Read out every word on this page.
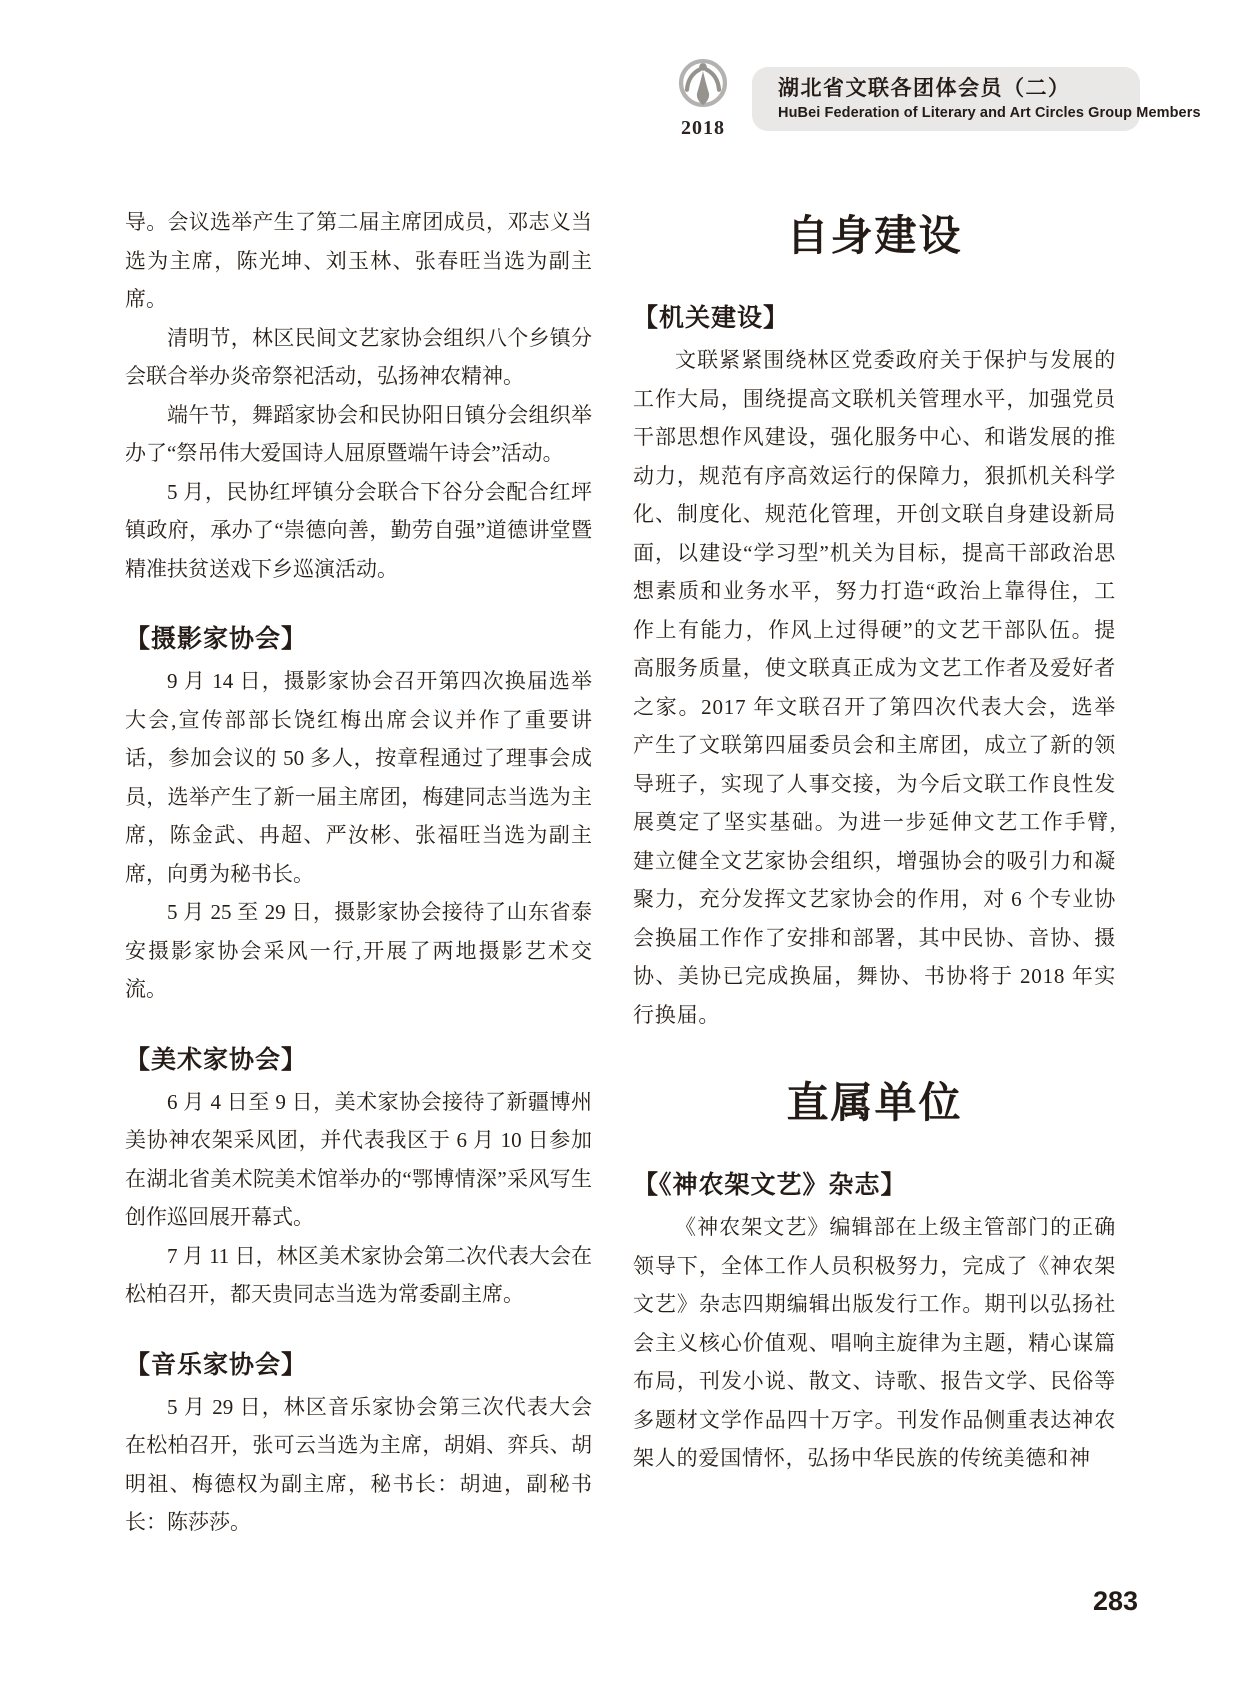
2018
湖北省文联各团体会员（二）
HuBei Federation of Literary and Art Circles Group Members

导。会议选举产生了第二届主席团成员，邓志义当选为主席，陈光坤、刘玉林、张春旺当选为副主席。

清明节，林区民间文艺家协会组织八个乡镇分会联合举办炎帝祭祀活动，弘扬神农精神。

端午节，舞蹈家协会和民协阳日镇分会组织举办了“祭吊伟大爱国诗人屈原暨端午诗会”活动。

5 月，民协红坪镇分会联合下谷分会配合红坪镇政府，承办了“崇德向善，勤劳自强”道德讲堂暨精准扶贫送戏下乡巡演活动。

【摄影家协会】

9 月 14 日，摄影家协会召开第四次换届选举大会,宣传部部长饶红梅出席会议并作了重要讲话，参加会议的 50 多人，按章程通过了理事会成员，选举产生了新一届主席团，梅建同志当选为主席，陈金武、冉超、严汝彬、张福旺当选为副主席，向勇为秘书长。

5 月 25 至 29 日，摄影家协会接待了山东省泰安摄影家协会采风一行,开展了两地摄影艺术交流。

【美术家协会】

6 月 4 日至 9 日，美术家协会接待了新疆博州美协神农架采风团，并代表我区于 6 月 10 日参加在湖北省美术院美术馆举办的“鄂博情深”采风写生创作巡回展开幕式。

7 月 11 日，林区美术家协会第二次代表大会在松柏召开，都天贵同志当选为常委副主席。

【音乐家协会】

5 月 29 日，林区音乐家协会第三次代表大会在松柏召开，张可云当选为主席，胡娟、弈兵、胡明祖、梅德权为副主席，秘书长：胡迪，副秘书长：陈莎莎。

自身建设
【机关建设】

文联紧紧围绕林区党委政府关于保护与发展的工作大局，围绕提高文联机关管理水平，加强党员干部思想作风建设，强化服务中心、和谐发展的推动力，规范有序高效运行的保障力，狠抓机关科学化、制度化、规范化管理，开创文联自身建设新局面，以建设“学习型”机关为目标，提高干部政治思想素质和业务水平，努力打造“政治上靠得住，工作上有能力，作风上过得硬”的文艺干部队伍。提高服务质量，使文联真正成为文艺工作者及爱好者之家。2017 年文联召开了第四次代表大会，选举产生了文联第四届委员会和主席团，成立了新的领导班子，实现了人事交接，为今后文联工作良性发展奠定了坚实基础。为进一步延伸文艺工作手臂,建立健全文艺家协会组织，增强协会的吸引力和凝聚力，充分发挥文艺家协会的作用，对 6 个专业协会换届工作作了安排和部署，其中民协、音协、摄协、美协已完成换届，舞协、书协将于 2018 年实行换届。

直属单位
【《神农架文艺》杂志】

《神农架文艺》编辑部在上级主管部门的正确领导下，全体工作人员积极努力，完成了《神农架文艺》杂志四期编辑出版发行工作。期刊以弘扬社会主义核心价值观、唱响主旋律为主题，精心谋篇布局，刊发小说、散文、诗歌、报告文学、民俗等多题材文学作品四十万字。刊发作品侧重表达神农架人的爱国情怀，弘扬中华民族的传统美德和神

283
